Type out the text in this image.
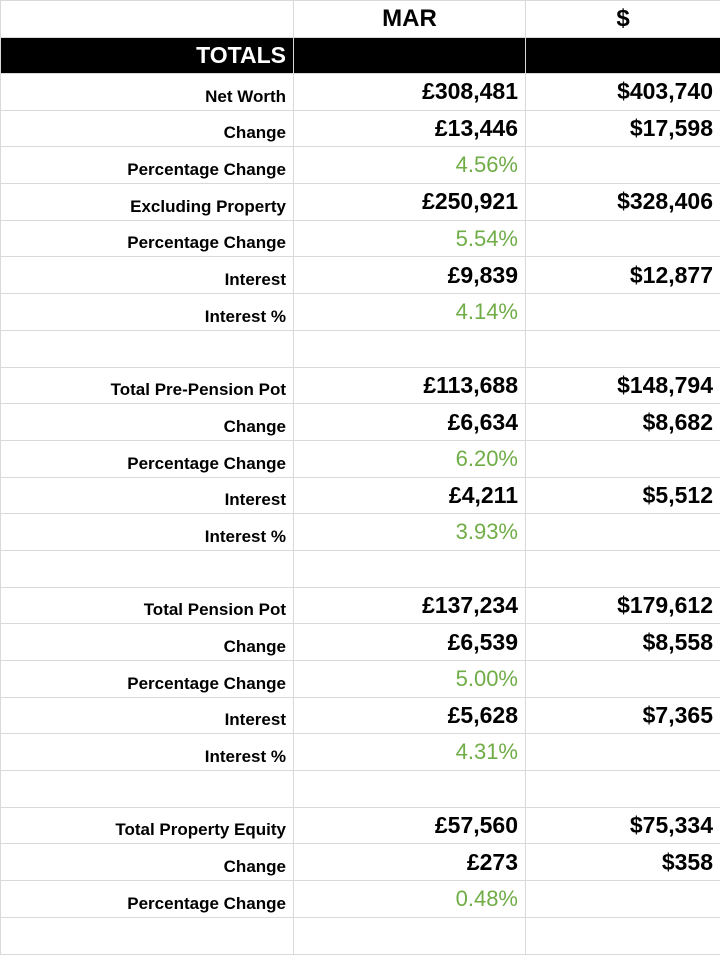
	MAR	$
TOTALS		
Net Worth	£308,481	$403,740
Change	£13,446	$17,598
Percentage Change	4.56%	
Excluding Property	£250,921	$328,406
Percentage Change	5.54%	
Interest	£9,839	$12,877
Interest %	4.14%	

Total Pre-Pension Pot	£113,688	$148,794
Change	£6,634	$8,682
Percentage Change	6.20%	
Interest	£4,211	$5,512
Interest %	3.93%	

Total Pension Pot	£137,234	$179,612
Change	£6,539	$8,558
Percentage Change	5.00%	
Interest	£5,628	$7,365
Interest %	4.31%	

Total Property Equity	£57,560	$75,334
Change	£273	$358
Percentage Change	0.48%	
